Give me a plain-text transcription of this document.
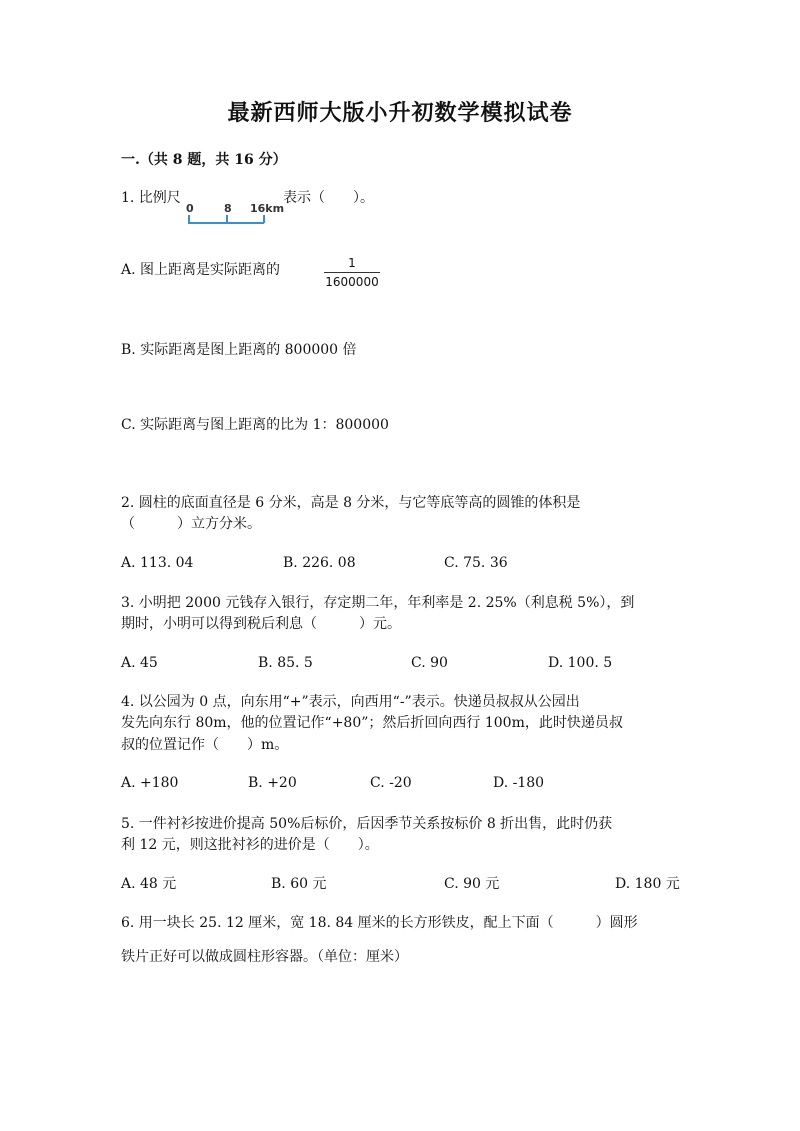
最新西师大版小升初数学模拟试卷
一.（共 8 题，共 16 分）
1. 比例尺
0	8 16km
表示（　　）。
A. 图上距离是实际距离的	1
1600000
B. 实际距离是图上距离的 800000 倍
C. 实际距离与图上距离的比为 1：800000
2. 圆柱的底面直径是 6 分米，高是 8 分米，与它等底等高的圆锥的体积是
（　　　）立方分米。
A. 113. 04	B. 226. 08	C. 75. 36
3. 小明把 2000 元钱存入银行，存定期二年，年利率是 2. 25%（利息税 5%），到
期时，小明可以得到税后利息（　　　）元。
A. 45	B. 85. 5	C. 90	D. 100. 5
4. 以公园为 0 点，向东用“+”表示，向西用“-”表示。快递员叔叔从公园出
发先向东行 80m，他的位置记作“+80”；然后折回向西行 100m，此时快递员叔
叔的位置记作（　　）m。
A. +180	B. +20	C. -20	D. -180
5. 一件衬衫按进价提高 50%后标价，后因季节关系按标价 8 折出售，此时仍获
利 12 元，则这批衬衫的进价是（　　）。
A. 48 元	B. 60 元	C. 90 元	D. 180 元
6. 用一块长 25. 12 厘米，宽 18. 84 厘米的长方形铁皮，配上下面（　　　）圆形
铁片正好可以做成圆柱形容器。（单位：厘米）
